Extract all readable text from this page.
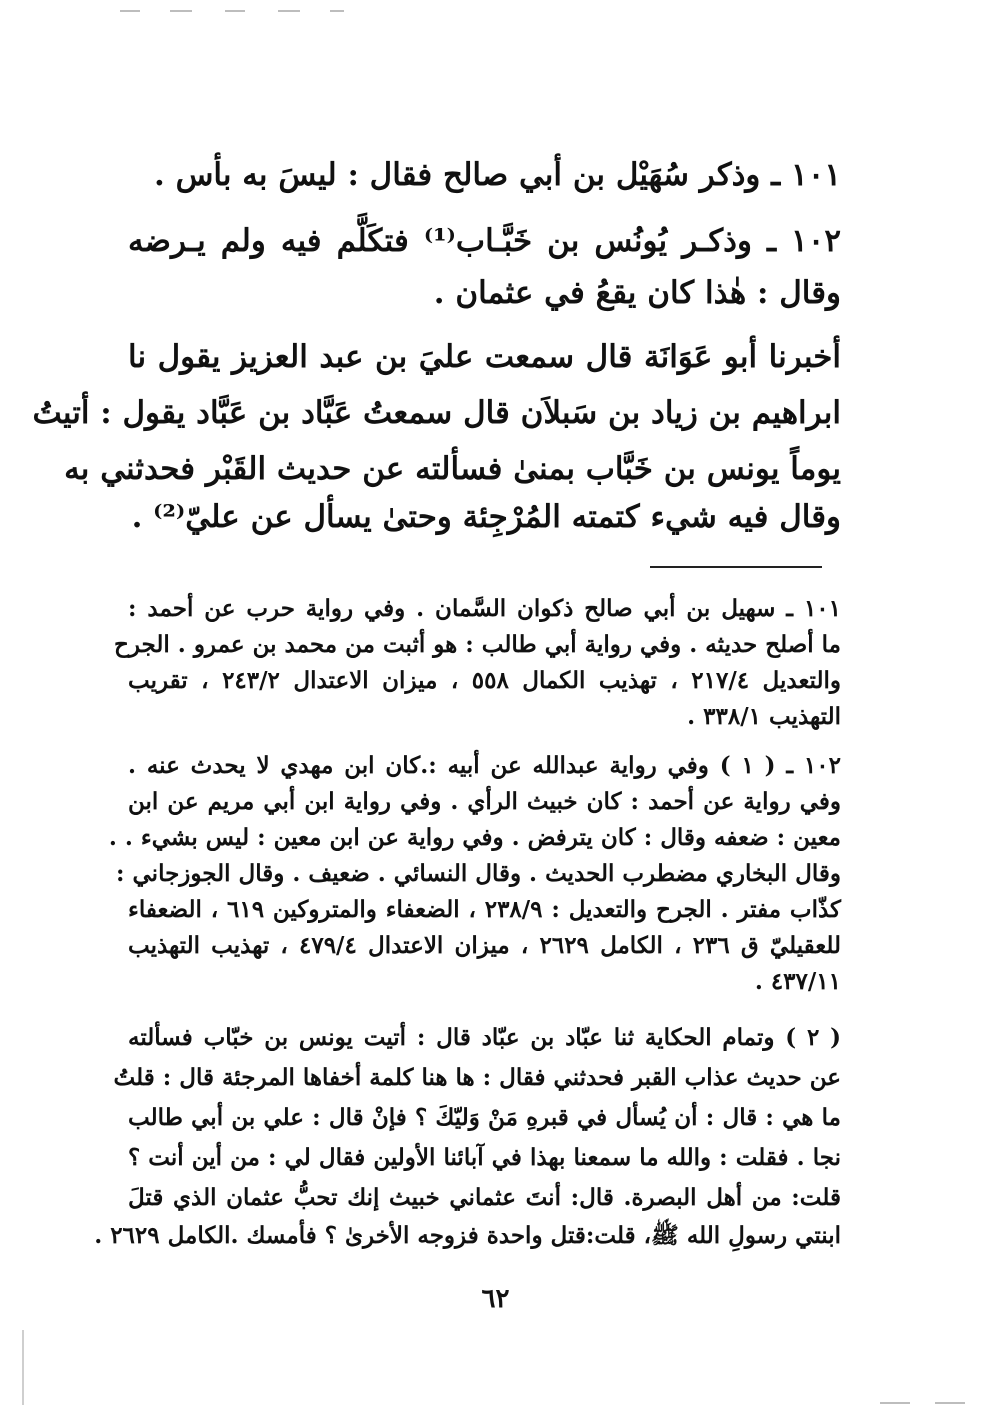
١٠١ ـ وذكر سُهَيْل بن أبي صالح فقال : ليسَ به بأس .
١٠٢ ـ وذكـر يُونُس بن خَبَّـاب⁽¹⁾ فتكَلَّم فيه ولم يـرضه
وقال : هٰذا كان يقعُ في عثمان .
أخبرنا أبو عَوَانَة قال سمعت عليَ بن عبد العزيز يقول نا
ابراهيم بن زياد بن سَبلاَن قال سمعتُ عَبَّاد بن عَبَّاد يقول : أتيتُ
يوماً يونس بن خَبَّاب بمنىٰ فسألته عن حديث القَبْر فحدثني به
وقال فيه شيء كتمته المُرْجِئة وحتىٰ يسأل عن عليّ⁽²⁾ .
١٠١ ـ سهيل بن أبي صالح ذكوان السَّمان . وفي رواية حرب عن أحمد :
ما أصلح حديثه . وفي رواية أبي طالب : هو أثبت من محمد بن عمرو . الجرح
والتعديل ٢١٧/٤ ، تهذيب الكمال ٥٥٨ ، ميزان الاعتدال ٢٤٣/٢ ، تقريب
التهذيب ٣٣٨/١ .
١٠٢ ـ ( ١ ) وفي رواية عبدالله عن أبيه :.كان ابن مهدي لا يحدث عنه .
وفي رواية عن أحمد : كان خبيث الرأي . وفي رواية ابن أبي مريم عن ابن
معين : ضعفه وقال : كان يترفض . وفي رواية عن ابن معين : ليس بشيء . .
وقال البخاري مضطرب الحديث . وقال النسائي . ضعيف . وقال الجوزجاني :
كذّاب مفتر . الجرح والتعديل : ٢٣٨/٩ ، الضعفاء والمتروكين ٦١٩ ، الضعفاء
للعقيليّ ق ٢٣٦ ، الكامل ٢٦٢٩ ، ميزان الاعتدال ٤٧٩/٤ ، تهذيب التهذيب
٤٣٧/١١ .
( ٢ ) وتمام الحكاية ثنا عبّاد بن عبّاد قال : أتيت يونس بن خبّاب فسألته
عن حديث عذاب القبر فحدثني فقال : ها هنا كلمة أخفاها المرجئة قال : قلتُ
ما هي : قال : أن يُسأل في قبرهِ مَنْ وَليّكَ ؟ فإنْ قال : علي بن أبي طالب
نجا . فقلت : والله ما سمعنا بهذا في آبائنا الأولين فقال لي : من أين أنت ؟
قلت: من أهل البصرة. قال: أنتَ عثماني خبيث إنك تحبُّ عثمان الذي قتلَ
ابنتي رسولِ الله ﷺ، قلت:قتل واحدة فزوجه الأخرىٰ ؟ فأمسك .الكامل ٢٦٢٩ .
٦٢
